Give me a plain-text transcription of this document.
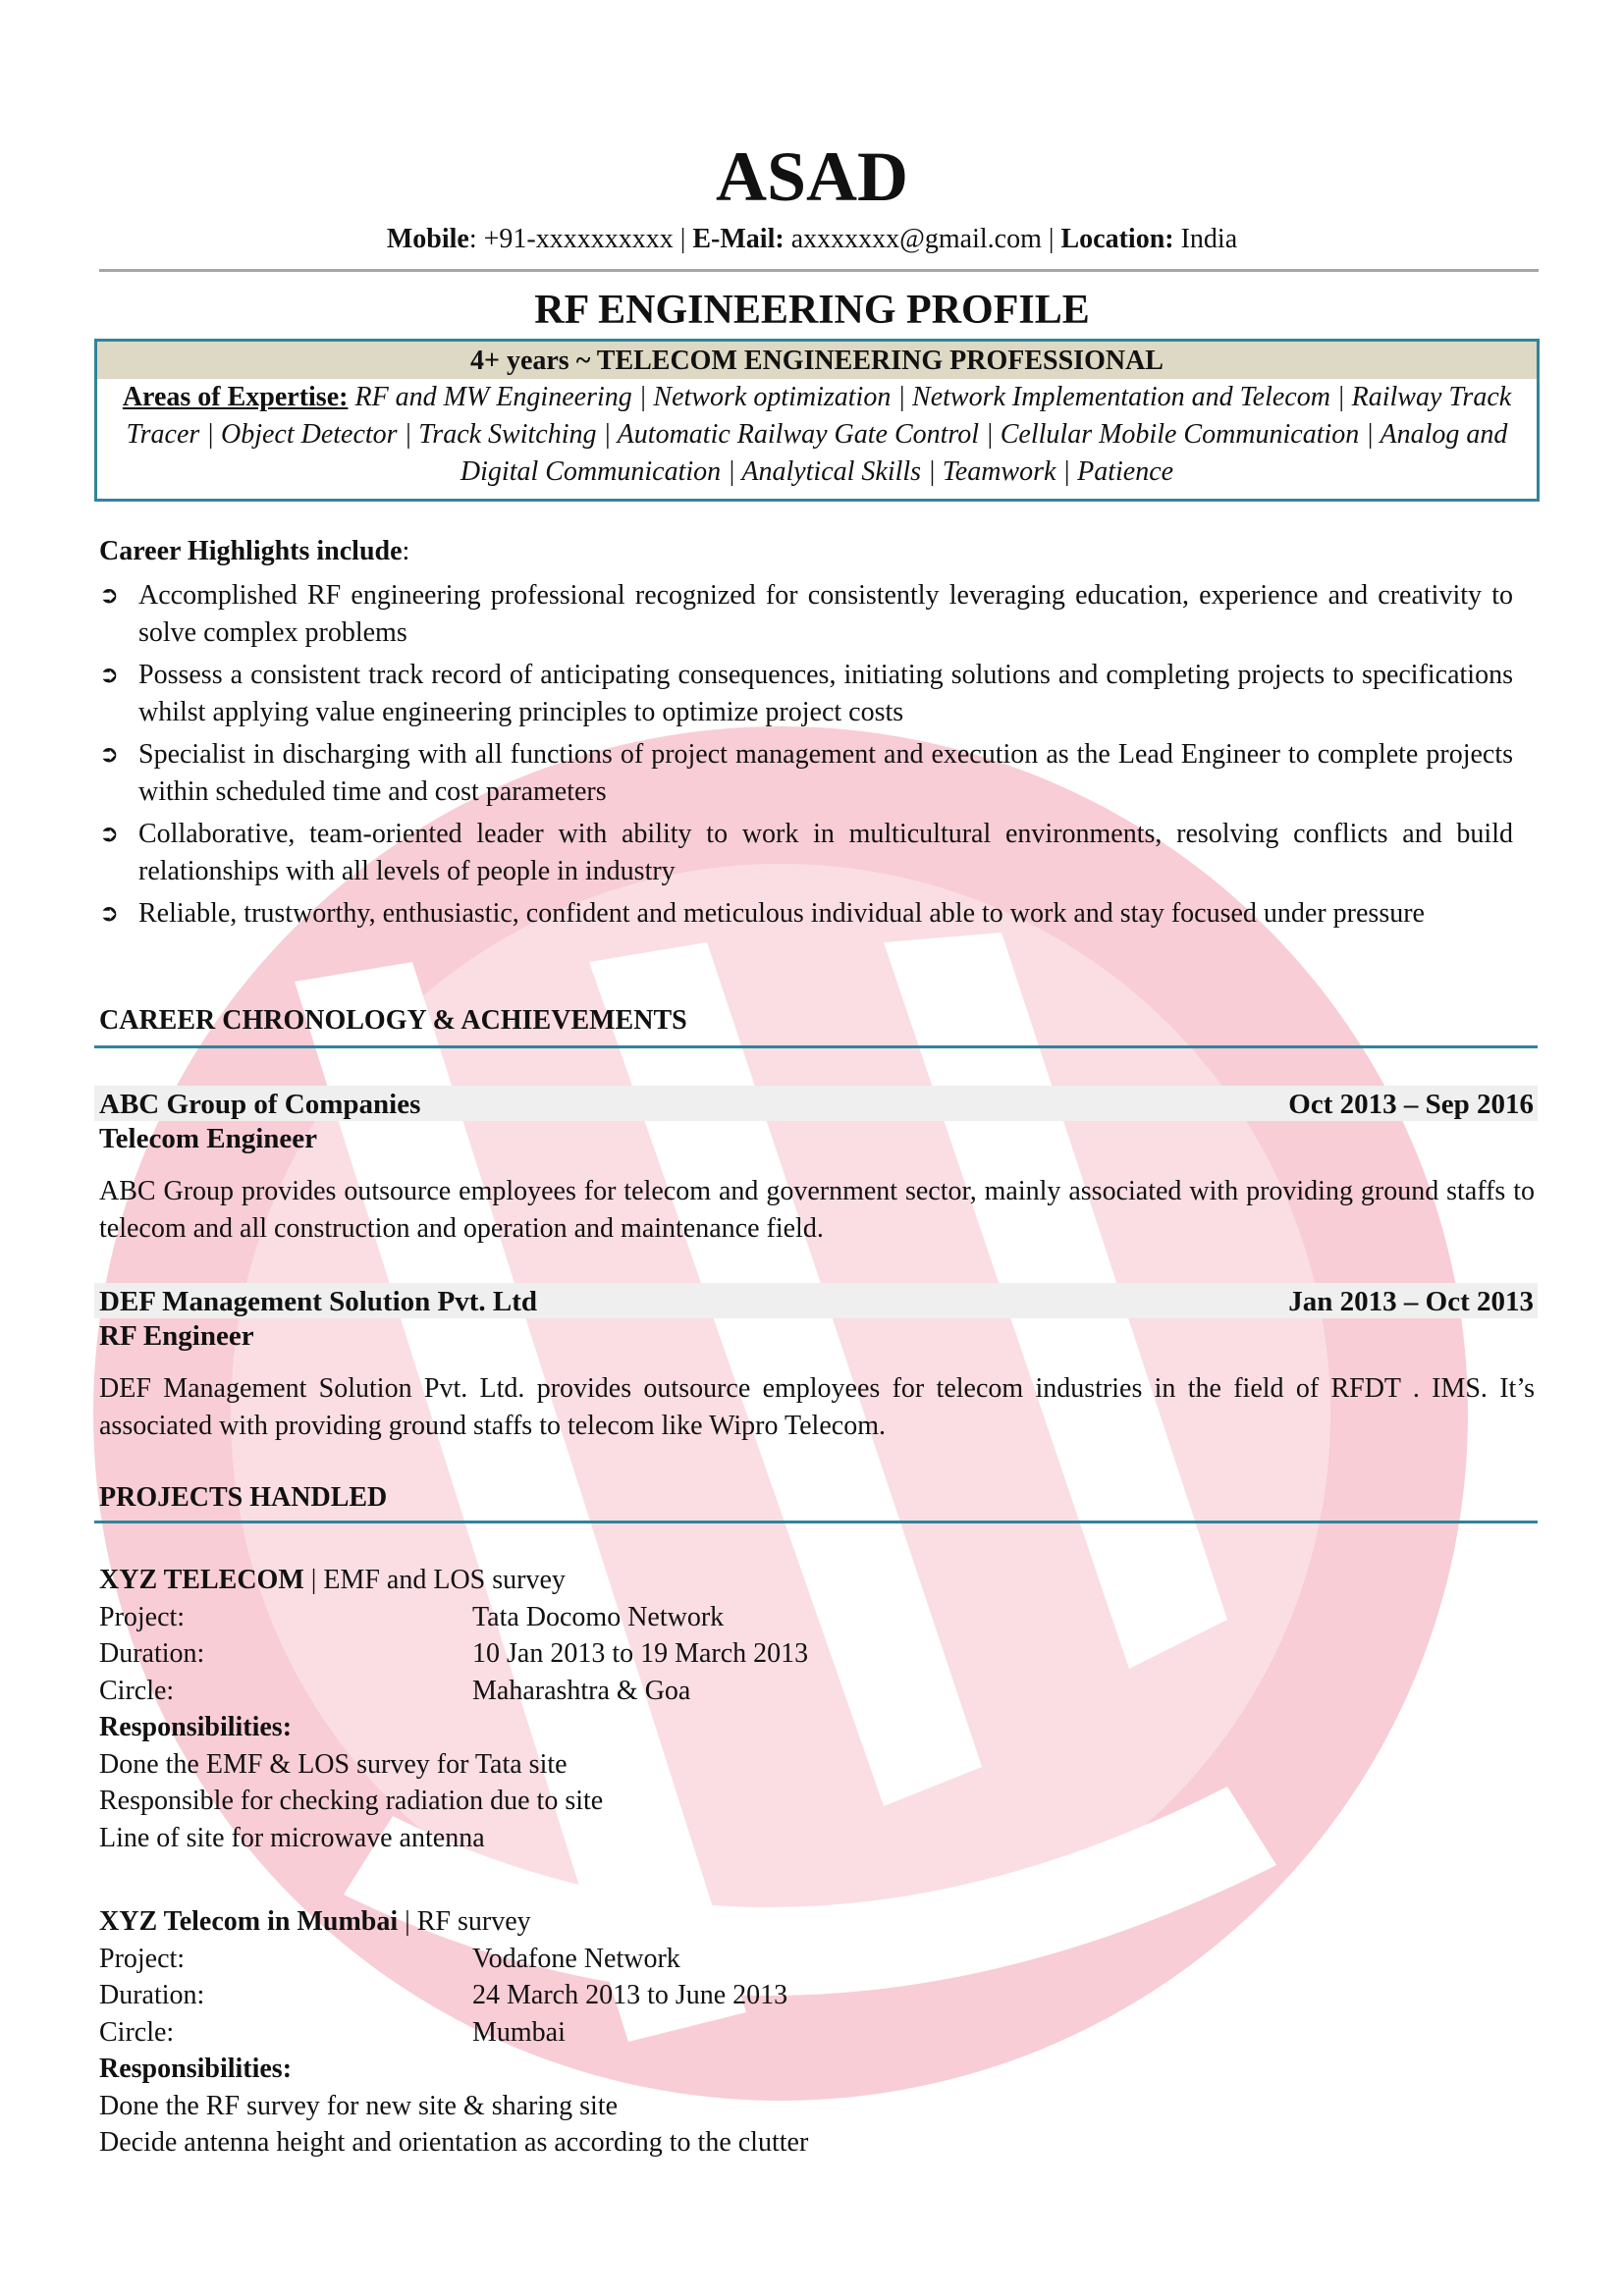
ASAD
Mobile: +91-xxxxxxxxxx | E-Mail: axxxxxxx@gmail.com | Location: India
RF ENGINEERING PROFILE
4+ years ~ TELECOM ENGINEERING PROFESSIONAL
Areas of Expertise: RF and MW Engineering | Network optimization | Network Implementation and Telecom | Railway Track Tracer | Object Detector | Track Switching | Automatic Railway Gate Control | Cellular Mobile Communication | Analog and Digital Communication | Analytical Skills | Teamwork | Patience
Career Highlights include:
➲ Accomplished RF engineering professional recognized for consistently leveraging education, experience and creativity to solve complex problems
➲ Possess a consistent track record of anticipating consequences, initiating solutions and completing projects to specifications whilst applying value engineering principles to optimize project costs
➲ Specialist in discharging with all functions of project management and execution as the Lead Engineer to complete projects within scheduled time and cost parameters
➲ Collaborative, team-oriented leader with ability to work in multicultural environments, resolving conflicts and build relationships with all levels of people in industry
➲ Reliable, trustworthy, enthusiastic, confident and meticulous individual able to work and stay focused under pressure
CAREER CHRONOLOGY & ACHIEVEMENTS
ABC Group of Companies	Oct 2013 – Sep 2016
Telecom Engineer
ABC Group provides outsource employees for telecom and government sector, mainly associated with providing ground staffs to telecom and all construction and operation and maintenance field.
DEF Management Solution Pvt. Ltd	Jan 2013 – Oct 2013
RF Engineer
DEF Management Solution Pvt. Ltd. provides outsource employees for telecom industries in the field of RFDT . IMS. It’s associated with providing ground staffs to telecom like Wipro Telecom.
PROJECTS HANDLED
XYZ TELECOM | EMF and LOS survey
Project:	Tata Docomo Network
Duration:	10 Jan 2013 to 19 March 2013
Circle:	Maharashtra & Goa
Responsibilities:
Done the EMF & LOS survey for Tata site
Responsible for checking radiation due to site
Line of site for microwave antenna
XYZ Telecom in Mumbai | RF survey
Project:	Vodafone Network
Duration:	24 March 2013 to June 2013
Circle:	Mumbai
Responsibilities:
Done the RF survey for new site & sharing site
Decide antenna height and orientation as according to the clutter
